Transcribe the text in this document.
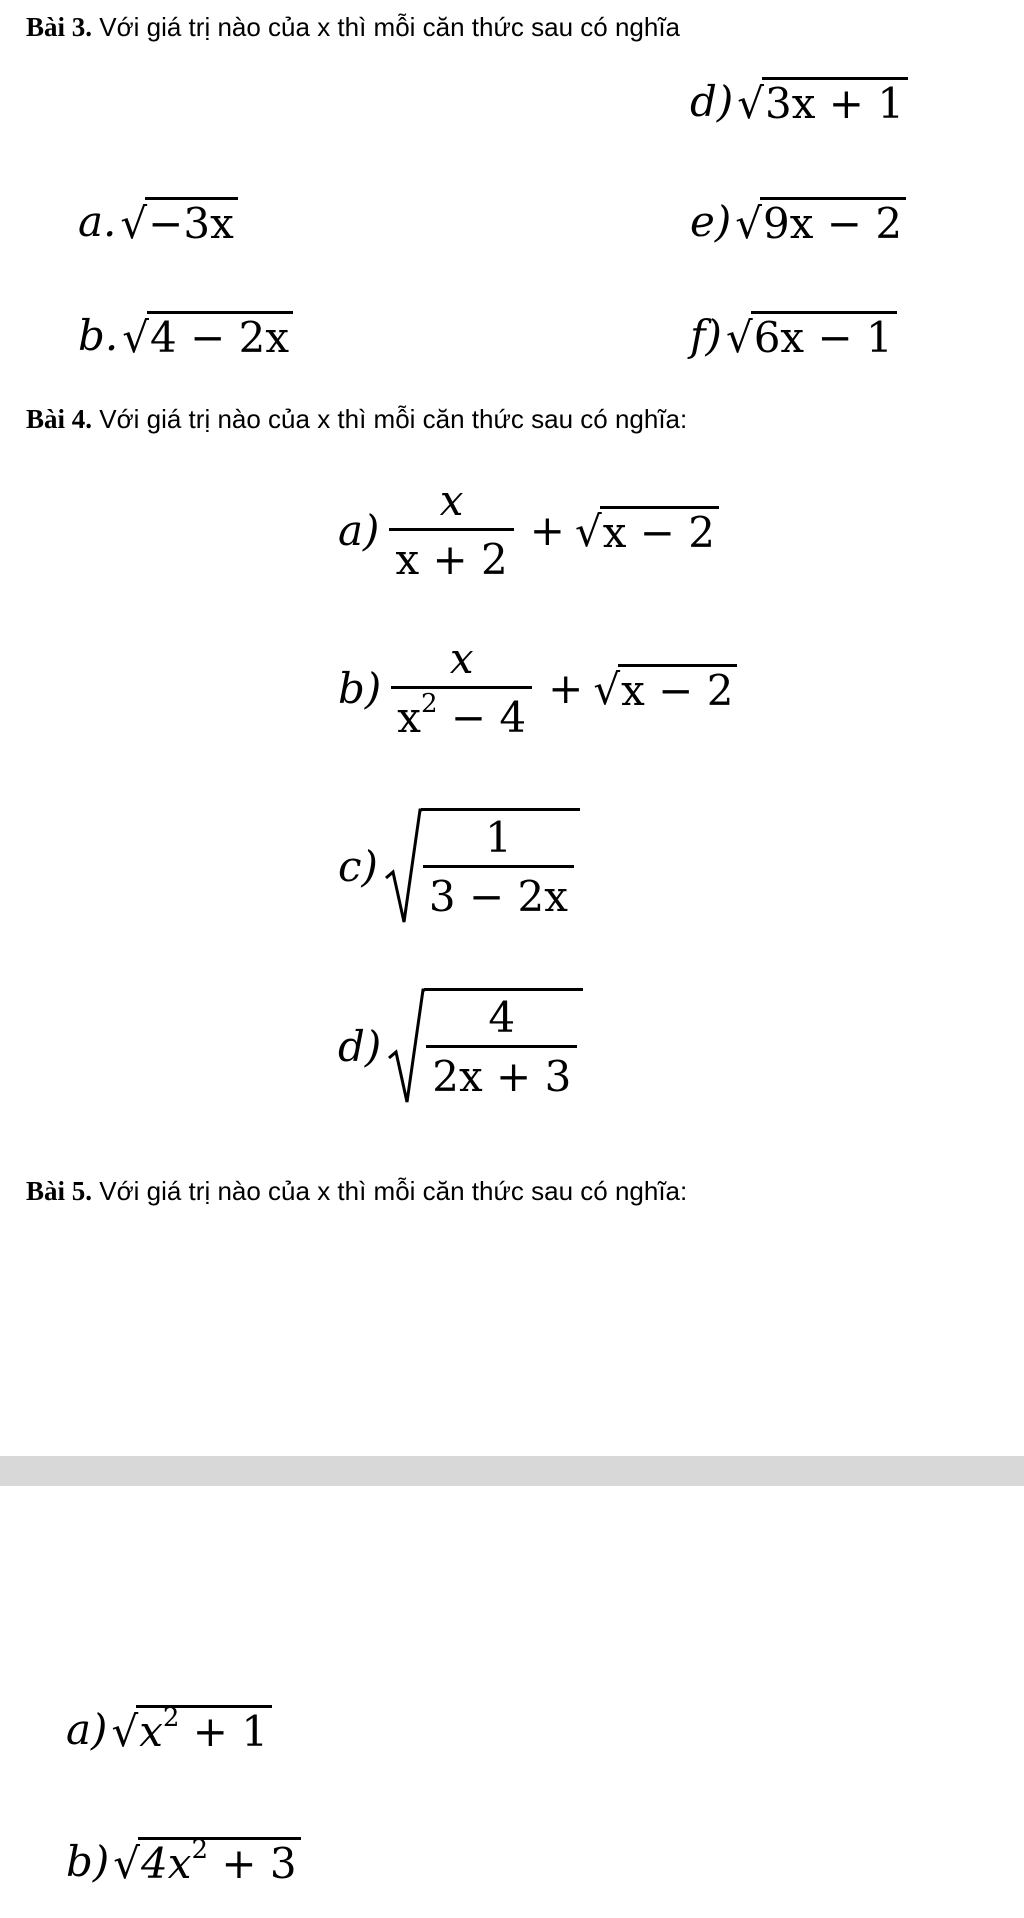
Bài 3. Với giá trị nào của x thì mỗi căn thức sau có nghĩa
d) √ 3x + 1
a. √ −3x	e) √ 9x − 2
b. √ 4 − 2x	f) √ 6x − 1
Bài 4. Với giá trị nào của x thì mỗi căn thức sau có nghĩa:
$a) \frac{x}{x + 2}$ + √ x − 2
$b) \frac{x}{x^2 - 4}$ + √ x − 2
$c) \frac{1}{3 - 2x}$
$d) \frac{4}{2x + 3}$
Bài 5. Với giá trị nào của x thì mỗi căn thức sau có nghĩa:
a) √ $x^2 + 1$
b) √ $4x^2 + 3$
